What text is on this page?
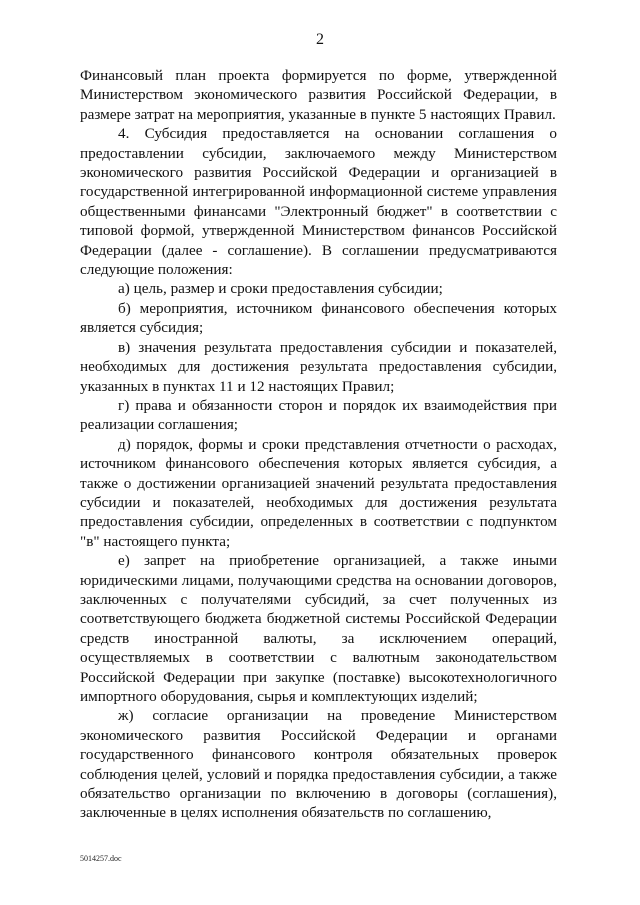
2

Финансовый план проекта формируется по форме, утвержденной Министерством экономического развития Российской Федерации, в размере затрат на мероприятия, указанные в пункте 5 настоящих Правил.

4. Субсидия предоставляется на основании соглашения о предоставлении субсидии, заключаемого между Министерством экономического развития Российской Федерации и организацией в государственной интегрированной информационной системе управления общественными финансами "Электронный бюджет" в соответствии с типовой формой, утвержденной Министерством финансов Российской Федерации (далее - соглашение). В соглашении предусматриваются следующие положения:

а) цель, размер и сроки предоставления субсидии;

б) мероприятия, источником финансового обеспечения которых является субсидия;

в) значения результата предоставления субсидии и показателей, необходимых для достижения результата предоставления субсидии, указанных в пунктах 11 и 12 настоящих Правил;

г) права и обязанности сторон и порядок их взаимодействия при реализации соглашения;

д) порядок, формы и сроки представления отчетности о расходах, источником финансового обеспечения которых является субсидия, а также о достижении организацией значений результата предоставления субсидии и показателей, необходимых для достижения результата предоставления субсидии, определенных в соответствии с подпунктом "в" настоящего пункта;

е) запрет на приобретение организацией, а также иными юридическими лицами, получающими средства на основании договоров, заключенных с получателями субсидий, за счет полученных из соответствующего бюджета бюджетной системы Российской Федерации средств иностранной валюты, за исключением операций, осуществляемых в соответствии с валютным законодательством Российской Федерации при закупке (поставке) высокотехнологичного импортного оборудования, сырья и комплектующих изделий;

ж) согласие организации на проведение Министерством экономического развития Российской Федерации и органами государственного финансового контроля обязательных проверок соблюдения целей, условий и порядка предоставления субсидии, а также обязательство организации по включению в договоры (соглашения), заключенные в целях исполнения обязательств по соглашению,

5014257.doc
